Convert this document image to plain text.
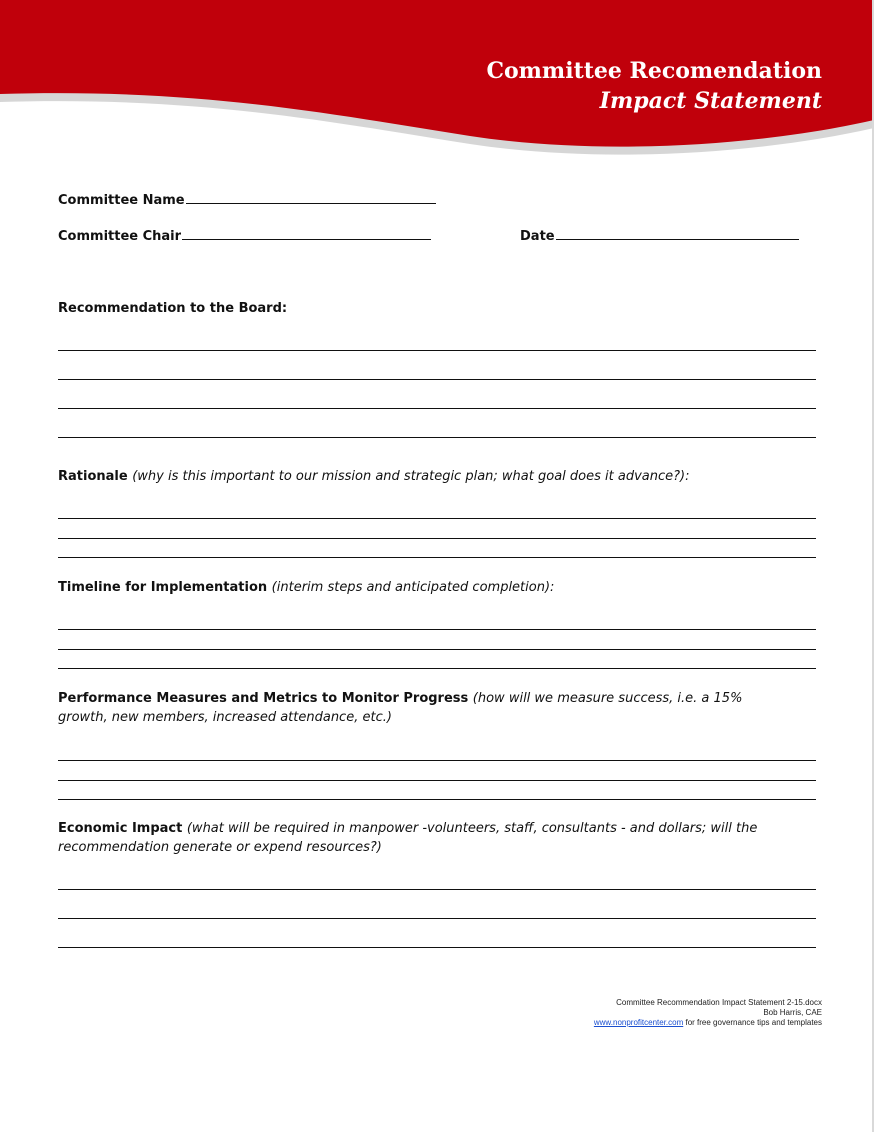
Committee Recomendation
Impact Statement
Committee Name
Committee Chair	Date
Recommendation to the Board:
Rationale (why is this important to our mission and strategic plan; what goal does it advance?):
Timeline for Implementation (interim steps and anticipated completion):
Performance Measures and Metrics to Monitor Progress (how will we measure success, i.e. a 15% growth, new members, increased attendance, etc.)
Economic Impact (what will be required in manpower -volunteers, staff, consultants - and dollars; will the recommendation generate or expend resources?)
Committee Recommendation Impact Statement 2-15.docx
Bob Harris, CAE
www.nonprofitcenter.com for free governance tips and templates
